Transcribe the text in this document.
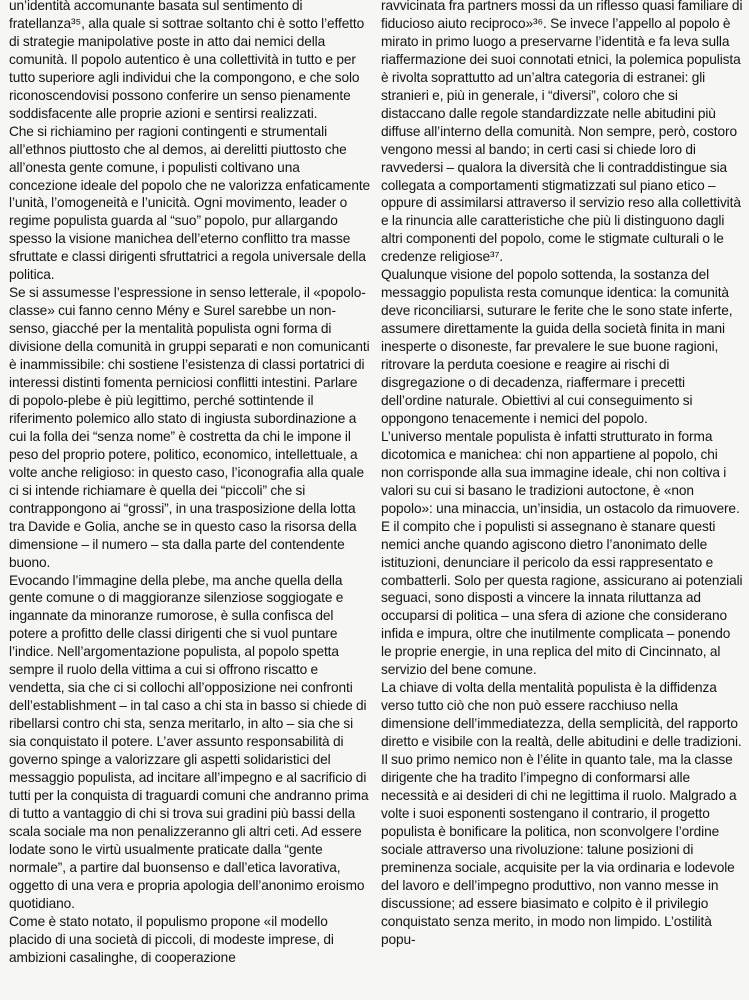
un’identità accomunante basata sul sentimento di fratellanza³⁵, alla quale si sottrae soltanto chi è sotto l’effetto di strategie manipolative poste in atto dai nemici della comunità. Il popolo autentico è una collettività in tutto e per tutto superiore agli individui che la compongono, e che solo riconoscendovisi possono conferire un senso pienamente soddisfacente alle proprie azioni e sentirsi realizzati.

Che si richiamino per ragioni contingenti e strumentali all’ethnos piuttosto che al demos, ai derelitti piuttosto che all’onesta gente comune, i populisti coltivano una concezione ideale del popolo che ne valorizza enfaticamente l’unità, l’omogeneità e l’unicità. Ogni movimento, leader o regime populista guarda al “suo” popolo, pur allargando spesso la visione manichea dell’eterno conflitto tra masse sfruttate e classi dirigenti sfruttatrici a regola universale della politica.

Se si assumesse l’espressione in senso letterale, il «popolo-classe» cui fanno cenno Mény e Surel sarebbe un non-senso, giacché per la mentalità populista ogni forma di divisione della comunità in gruppi separati e non comunicanti è inammissibile: chi sostiene l’esistenza di classi portatrici di interessi distinti fomenta perniciosi conflitti intestini. Parlare di popolo-plebe è più legittimo, perché sottintende il riferimento polemico allo stato di ingiusta subordinazione a cui la folla dei “senza nome” è costretta da chi le impone il peso del proprio potere, politico, economico, intellettuale, a volte anche religioso: in questo caso, l’iconografia alla quale ci si intende richiamare è quella dei “piccoli” che si contrappongono ai “grossi”, in una trasposizione della lotta tra Davide e Golia, anche se in questo caso la risorsa della dimensione – il numero – sta dalla parte del contendente buono.

Evocando l’immagine della plebe, ma anche quella della gente comune o di maggioranze silenziose soggiogate e ingannate da minoranze rumorose, è sulla confisca del potere a profitto delle classi dirigenti che si vuol puntare l’indice. Nell’argomentazione populista, al popolo spetta sempre il ruolo della vittima a cui si offrono riscatto e vendetta, sia che ci si collochi all’opposizione nei confronti dell’establishment – in tal caso a chi sta in basso si chiede di ribellarsi contro chi sta, senza meritarlo, in alto – sia che si sia conquistato il potere. L’aver assunto responsabilità di governo spinge a valorizzare gli aspetti solidaristici del messaggio populista, ad incitare all’impegno e al sacrificio di tutti per la conquista di traguardi comuni che andranno prima di tutto a vantaggio di chi si trova sui gradini più bassi della scala sociale ma non penalizzeranno gli altri ceti. Ad essere lodate sono le virtù usualmente praticate dalla “gente normale”, a partire dal buonsenso e dall’etica lavorativa, oggetto di una vera e propria apologia dell’anonimo eroismo quotidiano.

Come è stato notato, il populismo propone «il modello placido di una società di piccoli, di modeste imprese, di ambizioni casalinghe, di cooperazione

ravvicinata fra partners mossi da un riflesso quasi familiare di fiducioso aiuto reciproco»³⁶. Se invece l’appello al popolo è mirato in primo luogo a preservarne l’identità e fa leva sulla riaffermazione dei suoi connotati etnici, la polemica populista è rivolta soprattutto ad un’altra categoria di estranei: gli stranieri e, più in generale, i “diversi”, coloro che si distaccano dalle regole standardizzate nelle abitudini più diffuse all’interno della comunità. Non sempre, però, costoro vengono messi al bando; in certi casi si chiede loro di ravvedersi – qualora la diversità che li contraddistingue sia collegata a comportamenti stigmatizzati sul piano etico – oppure di assimilarsi attraverso il servizio reso alla collettività e la rinuncia alle caratteristiche che più li distinguono dagli altri componenti del popolo, come le stigmate culturali o le credenze religiose³⁷.

Qualunque visione del popolo sottenda, la sostanza del messaggio populista resta comunque identica: la comunità deve riconciliarsi, suturare le ferite che le sono state inferte, assumere direttamente la guida della società finita in mani inesperte o disoneste, far prevalere le sue buone ragioni, ritrovare la perduta coesione e reagire ai rischi di disgregazione o di decadenza, riaffermare i precetti dell’ordine naturale. Obiettivi al cui conseguimento si oppongono tenacemente i nemici del popolo.

L’universo mentale populista è infatti strutturato in forma dicotomica e manichea: chi non appartiene al popolo, chi non corrisponde alla sua immagine ideale, chi non coltiva i valori su cui si basano le tradizioni autoctone, è «non popolo»: una minaccia, un’insidia, un ostacolo da rimuovere. E il compito che i populisti si assegnano è stanare questi nemici anche quando agiscono dietro l’anonimato delle istituzioni, denunciare il pericolo da essi rappresentato e combatterli. Solo per questa ragione, assicurano ai potenziali seguaci, sono disposti a vincere la innata riluttanza ad occuparsi di politica – una sfera di azione che considerano infida e impura, oltre che inutilmente complicata – ponendo le proprie energie, in una replica del mito di Cincinnato, al servizio del bene comune.

La chiave di volta della mentalità populista è la diffidenza verso tutto ciò che non può essere racchiuso nella dimensione dell’immediatezza, della semplicità, del rapporto diretto e visibile con la realtà, delle abitudini e delle tradizioni. Il suo primo nemico non è l’élite in quanto tale, ma la classe dirigente che ha tradito l’impegno di conformarsi alle necessità e ai desideri di chi ne legittima il ruolo. Malgrado a volte i suoi esponenti sostengano il contrario, il progetto populista è bonificare la politica, non sconvolgere l’ordine sociale attraverso una rivoluzione: talune posizioni di preminenza sociale, acquisite per la via ordinaria e lodevole del lavoro e dell’impegno produttivo, non vanno messe in discussione; ad essere biasimato e colpito è il privilegio conquistato senza merito, in modo non limpido. L’ostilità popu-
